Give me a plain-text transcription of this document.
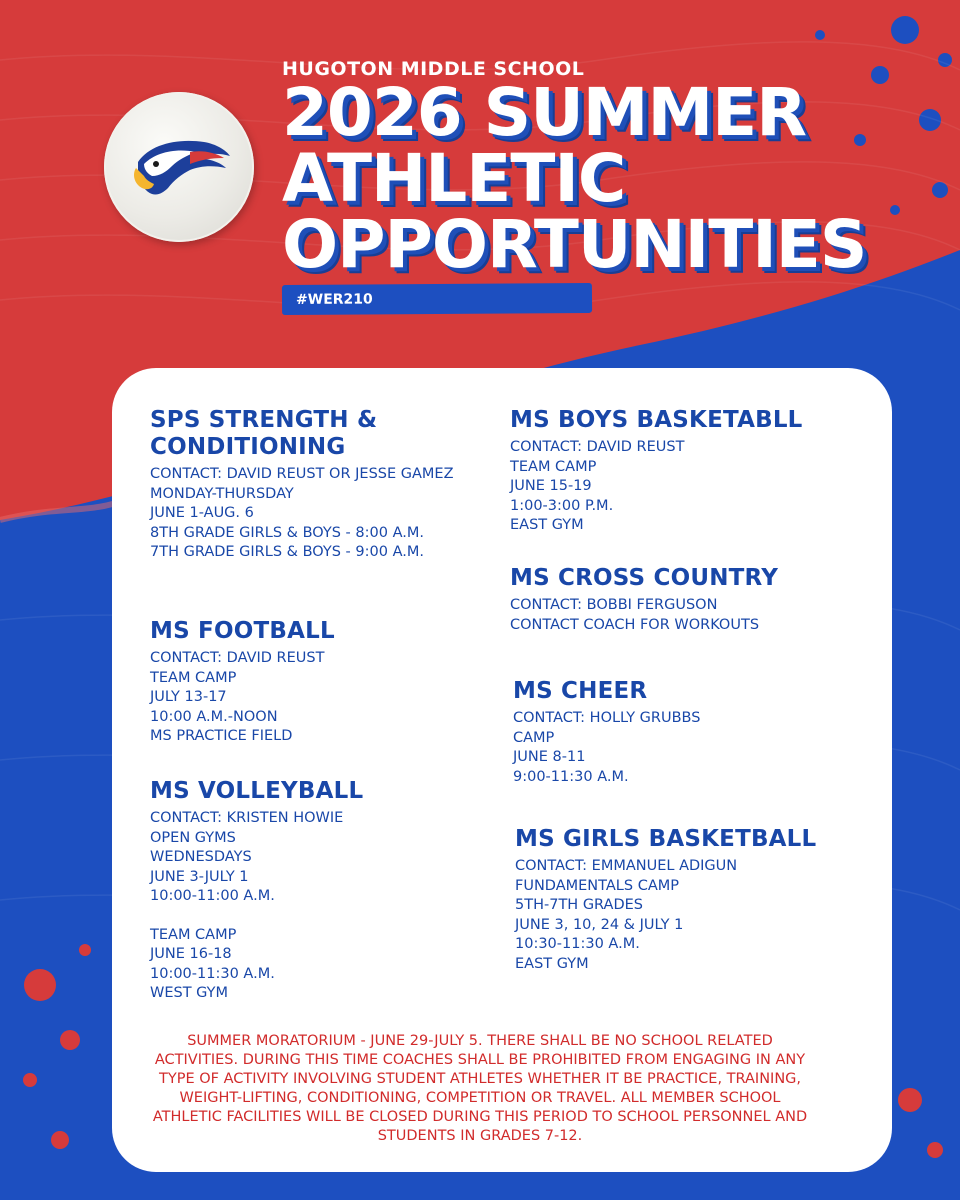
HUGOTON MIDDLE SCHOOL
2026 SUMMER
ATHLETIC
OPPORTUNITIES
#WER210
SPS STRENGTH & CONDITIONING

CONTACT: DAVID REUST OR JESSE GAMEZ

MONDAY-THURSDAY

JUNE 1-AUG. 6

8TH GRADE GIRLS & BOYS - 8:00 A.M.

7TH GRADE GIRLS & BOYS - 9:00 A.M.

MS FOOTBALL

CONTACT: DAVID REUST

TEAM CAMP

JULY 13-17

10:00 A.M.-NOON

MS PRACTICE FIELD

MS VOLLEYBALL

CONTACT: KRISTEN HOWIE

OPEN GYMS

WEDNESDAYS

JUNE 3-JULY 1

10:00-11:00 A.M.

TEAM CAMP

JUNE 16-18

10:00-11:30 A.M.

WEST GYM

MS BOYS BASKETABLL

CONTACT: DAVID REUST

TEAM CAMP

JUNE 15-19

1:00-3:00 P.M.

EAST GYM

MS CROSS COUNTRY

CONTACT: BOBBI FERGUSON

CONTACT COACH FOR WORKOUTS

MS CHEER

CONTACT: HOLLY GRUBBS

CAMP

JUNE 8-11

9:00-11:30 A.M.

MS GIRLS BASKETBALL

CONTACT: EMMANUEL ADIGUN

FUNDAMENTALS CAMP

5TH-7TH GRADES

JUNE 3, 10, 24 & JULY 1

10:30-11:30 A.M.

EAST GYM

SUMMER MORATORIUM - JUNE 29-JULY 5. THERE SHALL BE NO SCHOOL RELATED ACTIVITIES. DURING THIS TIME COACHES SHALL BE PROHIBITED FROM ENGAGING IN ANY TYPE OF ACTIVITY INVOLVING STUDENT ATHLETES WHETHER IT BE PRACTICE, TRAINING, WEIGHT-LIFTING, CONDITIONING, COMPETITION OR TRAVEL. ALL MEMBER SCHOOL ATHLETIC FACILITIES WILL BE CLOSED DURING THIS PERIOD TO SCHOOL PERSONNEL AND STUDENTS IN GRADES 7-12.
